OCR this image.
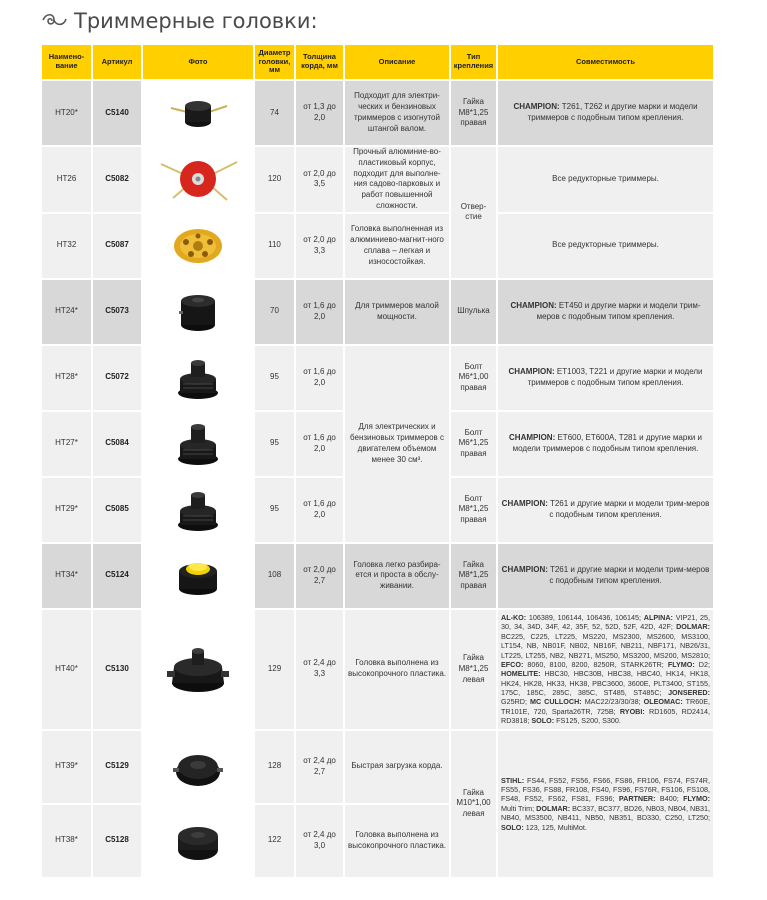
Триммерные головки:
Наимено-вание	Артикул	Фото	Диаметр головки, мм	Толщина корда, мм	Описание	Тип крепления	Совместимость
HT20*	C5140		74	от 1,3 до 2,0	Подходит для электри-ческих и бензиновых триммеров с изогнутой штангой валом.	Гайка M8*1,25 правая	CHAMPION: T261, T262 и другие марки и модели триммеров с подобным типом крепления.
HT26	C5082		120	от 2,0 до 3,5	Прочный алюминие-во-пластиковый корпус, подходит для выполне-ния садово-парковых и работ повышенной сложности.	Отвер-стие	Все редукторные триммеры.
HT32	C5087		110	от 2,0 до 3,3	Головка выполненная из алюминиево-магнит-ного сплава – легкая и износостойкая.		Все редукторные триммеры.
HT24*	C5073		70	от 1,6 до 2,0	Для триммеров малой мощности.	Шпулька	CHAMPION: ET450 и другие марки и модели трим-меров с подобным типом крепления.
HT28*	C5072		95	от 1,6 до 2,0	Для электрических и бензиновых триммеров с двигателем объемом менее 30 см³.	Болт M6*1,00 правая	CHAMPION: ET1003, T221 и другие марки и модели триммеров с подобным типом крепления.
HT27*	C5084		95	от 1,6 до 2,0		Болт M6*1,25 правая	CHAMPION: ET600, ET600A, T281 и другие марки и модели триммеров с подобным типом крепления.
HT29*	C5085		95	от 1,6 до 2,0		Болт M8*1,25 правая	CHAMPION: T261 и другие марки и модели трим-меров с подобным типом крепления.
HT34*	C5124		108	от 2,0 до 2,7	Головка легко разбира-ется и проста в обслу-живании.	Гайка M8*1,25 правая	CHAMPION: T261 и другие марки и модели трим-меров с подобным типом крепления.
HT40*	C5130		129	от 2,4 до 3,3	Головка выполнена из высокопрочного пластика.	Гайка M8*1,25 левая	AL-KO: 106389, 106144, 106436, 106145; ALPINA: VIP21, 25, 30, 34, 34D, 34F, 42, 35F, 52, 52D, 52F, 42D, 42F; DOLMAR: BC225, C225, LT225, MS220, MS2300, MS2600, MS3100, LT154, NB, NB01F, NB02, NB16F, NB211, NBF171, NB26/31, LT225, LT255, NB2, NB271, MS250, MS3200, MS200, MS2810; EFCO: 8060, 8100, 8200, 8250R, STARK26TR; FLYMO: D2; HOMELITE: HBC30, HBC30B, HBC38, HBC40, HK14, HK18, HK24, HK28, HK33, HK38, PBC3600, 3600E, PLT3400, ST155, 175C, 185C, 285C, 385C, ST485, ST485C; JONSERED: G25RD; MC CULLOCH: MAC22/23/30/38; OLEOMAC: TR60E, TR101E, 720, Sparta26TR, 725B; RYOBI: RD1605, RD2414, RD3818; SOLO: FS125, S200, S300.
HT39*	C5129		128	от 2,4 до 2,7	Быстрая загрузка корда.	Гайка M10*1,00 левая	STIHL: FS44, FS52, FS56, FS66, FS86, FR106, FS74, FS74R, FS55, FS36, FS88, FR108, FS40, FS96, FS76R, FS106, FS108, FS48, FS52, FS62, FS81, FS96; PARTNER: B400; FLYMO: Multi Trim; DOLMAR: BC337, BC377, BD26, NB03, NB04, NB31, NB40, MS3500, NB411, NB50, NB351, BD330, C250, LT250; SOLO: 123, 125, MultiMot.
HT38*	C5128		122	от 2,4 до 3,0	Головка выполнена из высокопрочного пластика.		
